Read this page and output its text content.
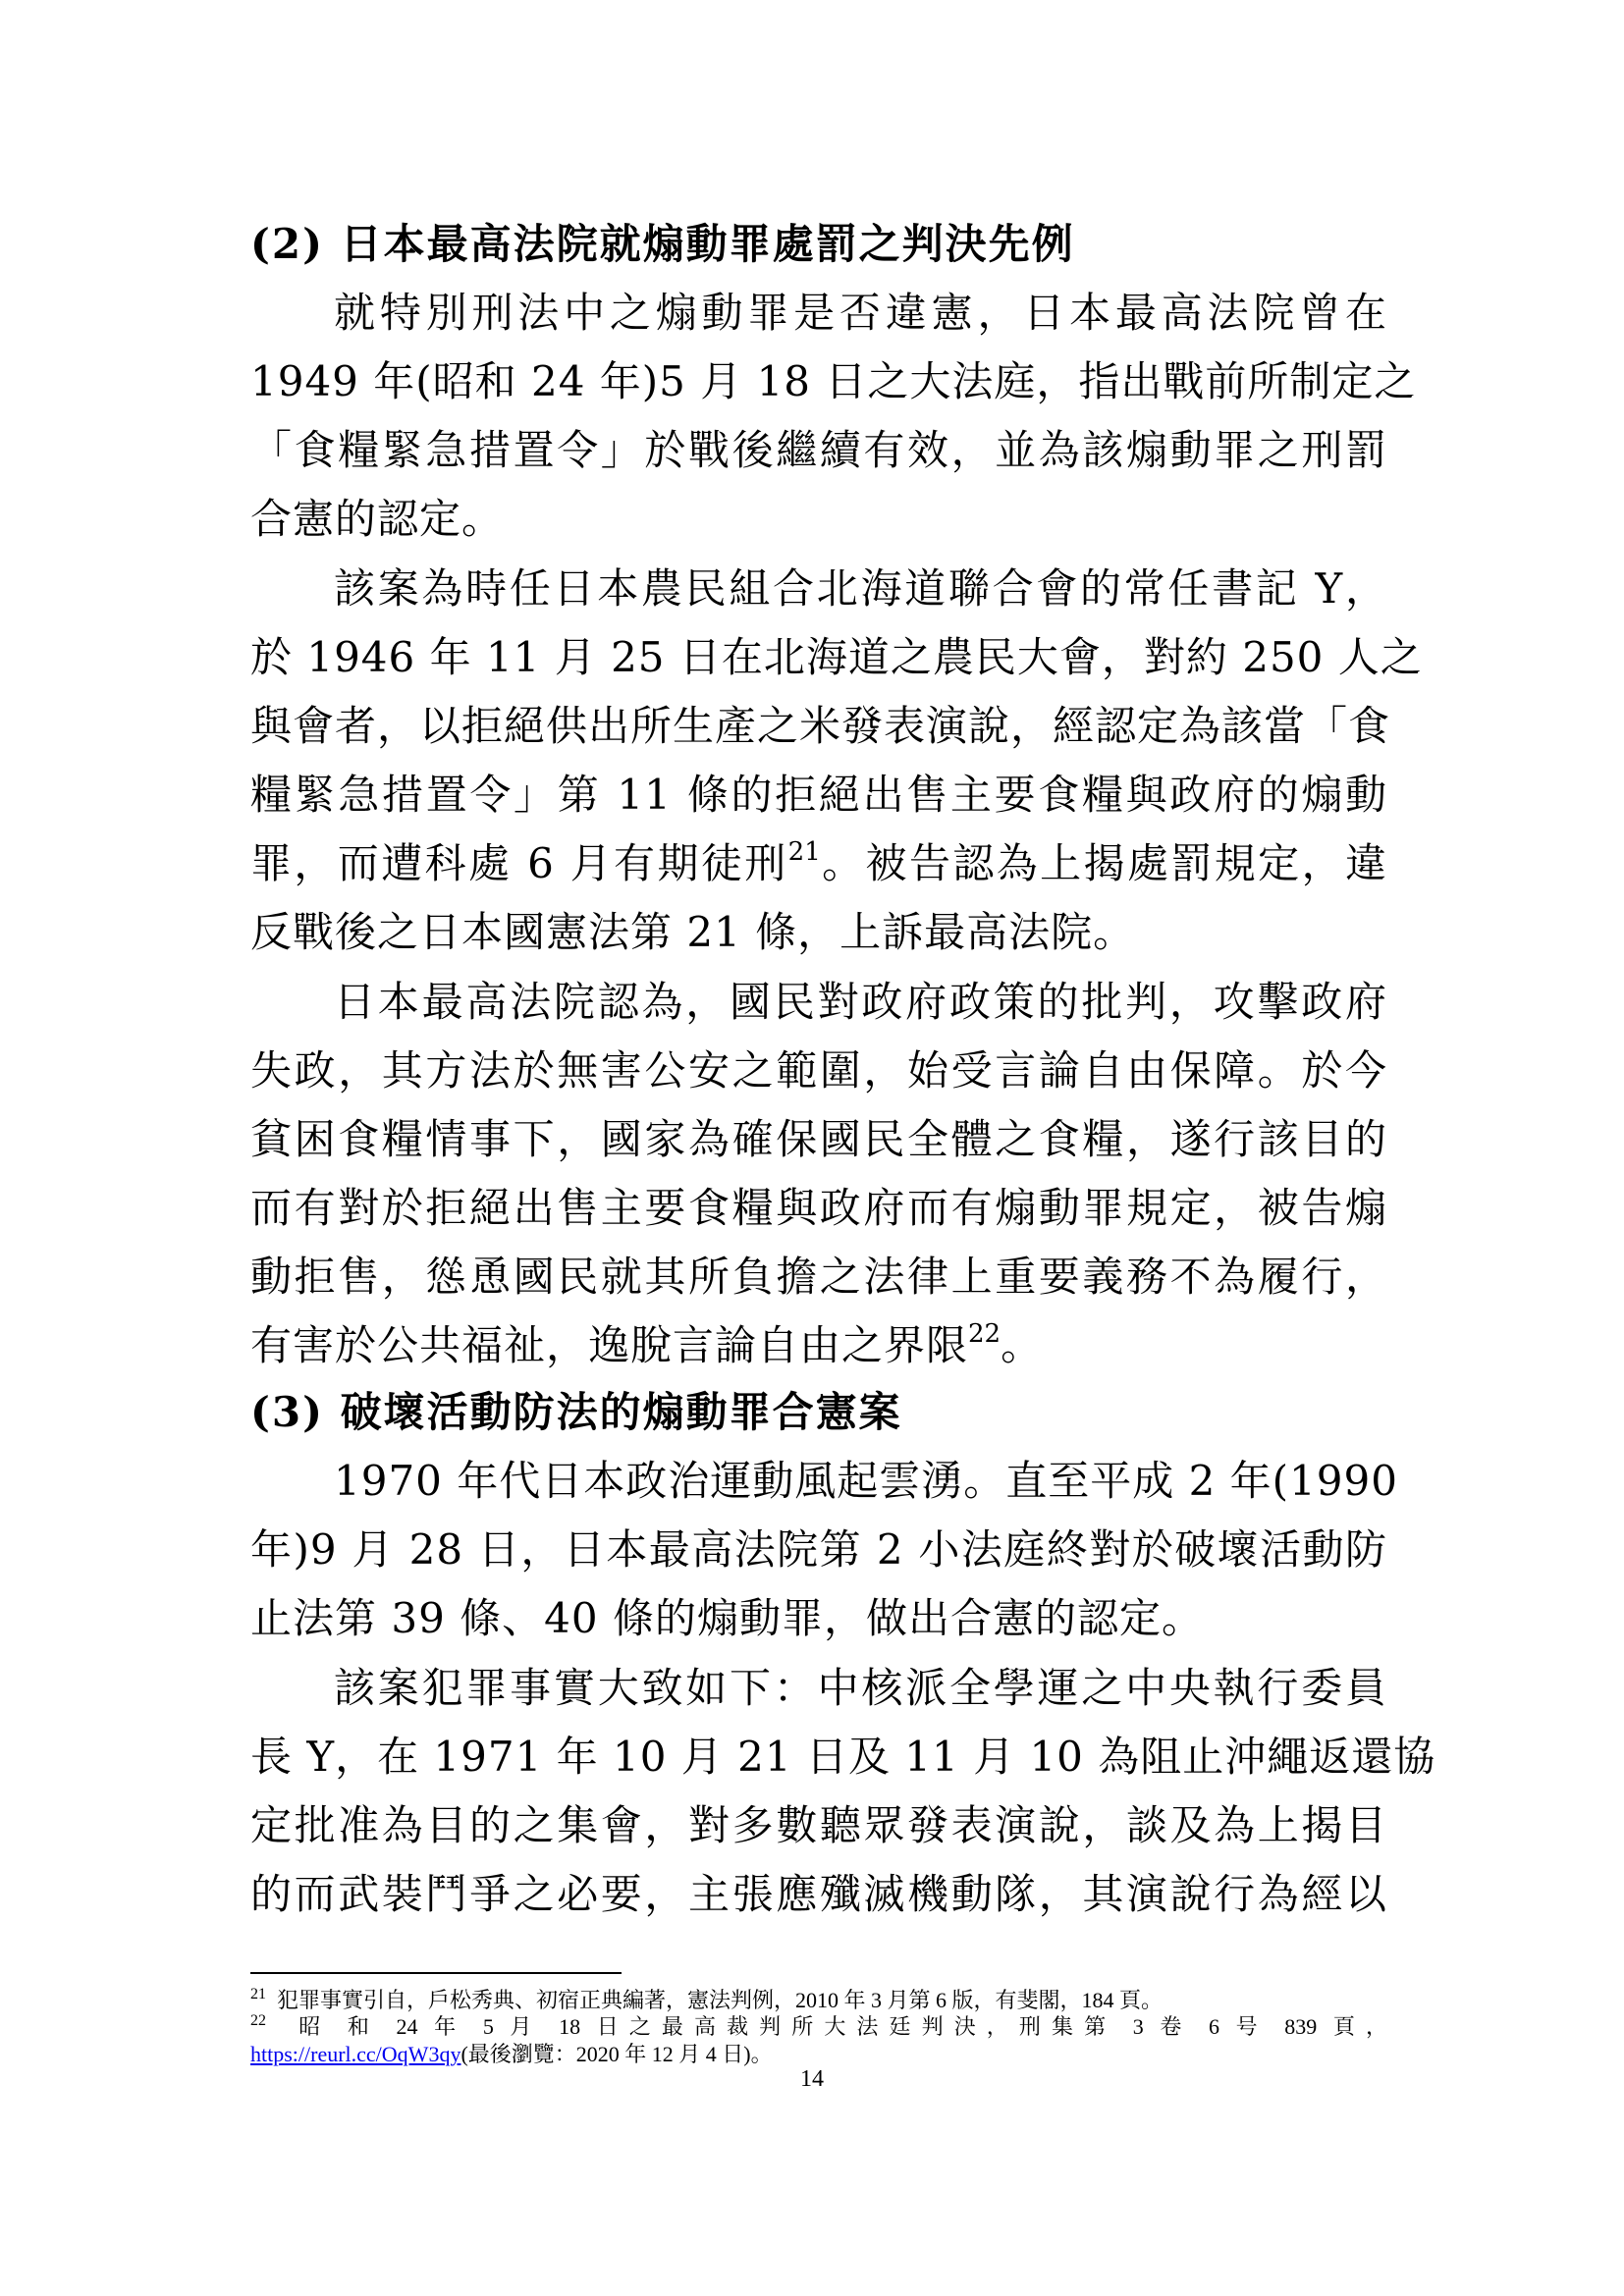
(2) 日本最高法院就煽動罪處罰之判決先例
就特別刑法中之煽動罪是否違憲，日本最高法院曾在
1949 年(昭和 24 年)5 月 18 日之大法庭，指出戰前所制定之
「食糧緊急措置令」於戰後繼續有效，並為該煽動罪之刑罰
合憲的認定。
該案為時任日本農民組合北海道聯合會的常任書記 Y，
於 1946 年 11 月 25 日在北海道之農民大會，對約 250 人之
與會者，以拒絕供出所生產之米發表演說，經認定為該當「食
糧緊急措置令」第 11 條的拒絕出售主要食糧與政府的煽動
罪，而遭科處 6 月有期徒刑$^{21}$。被告認為上揭處罰規定，違
反戰後之日本國憲法第 21 條，上訴最高法院。
日本最高法院認為，國民對政府政策的批判，攻擊政府
失政，其方法於無害公安之範圍，始受言論自由保障。於今
貧困食糧情事下，國家為確保國民全體之食糧，遂行該目的
而有對於拒絕出售主要食糧與政府而有煽動罪規定，被告煽
動拒售，慫恿國民就其所負擔之法律上重要義務不為履行，
有害於公共福祉，逸脫言論自由之界限$^{22}$。
(3) 破壞活動防法的煽動罪合憲案
1970 年代日本政治運動風起雲湧。直至平成 2 年(1990
年)9 月 28 日，日本最高法院第 2 小法庭終對於破壞活動防
止法第 39 條、40 條的煽動罪，做出合憲的認定。
該案犯罪事實大致如下：中核派全學運之中央執行委員
長 Y，在 1971 年 10 月 21 日及 11 月 10 為阻止沖繩返還協
定批准為目的之集會，對多數聽眾發表演說，談及為上揭目
的而武裝鬥爭之必要，主張應殲滅機動隊，其演說行為經以
$^{21}$ 犯罪事實引自，戶松秀典、初宿正典編著，憲法判例，2010 年 3 月第 6 版，有斐閣，184 頁。
$^{22}$ 昭 和 24 年 5 月 18 日之最高裁判所大法廷判決，刑集第 3 卷 6 号 839 頁，
https://reurl.cc/OqW3qy(最後瀏覽：2020 年 12 月 4 日)。
14
